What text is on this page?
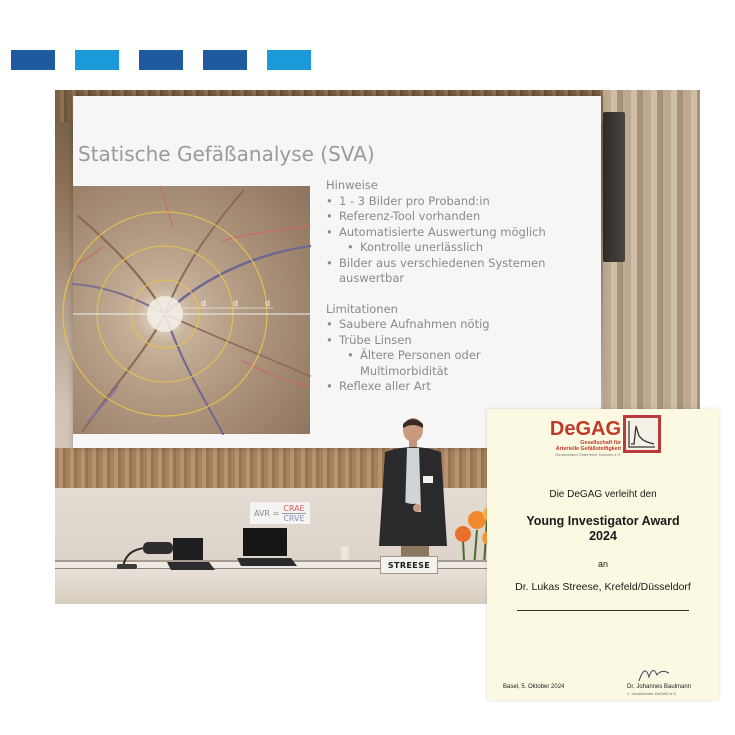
Statische Gefäßanalyse (SVA)
d	d	d
AVR = $\frac{\text{CRAE}}{\text{CRVE}}$
Hinweise
• 1 - 3 Bilder pro Proband:in
• Referenz-Tool vorhanden
• Automatisierte Auswertung möglich
• Kontrolle unerlässlich
• Bilder aus verschiedenen Systemen
auswertbar
Limitationen
• Saubere Aufnahmen nötig
• Trübe Linsen
• Ältere Personen oder
Multimorbidität
• Reflexe aller Art
STREESE
DeGAG
Gesellschaft für
Arterielle Gefäßsteifigkeit
Deutschland Österreich Schweiz e.V.
Die DeGAG verleiht den
Young Investigator Award
2024
an
Dr. Lukas Streese, Krefeld/Düsseldorf
Basel, 5. Oktober 2024	Dr. Johannes Baulmann
1. Vorsitzender DeGAG e.V.
